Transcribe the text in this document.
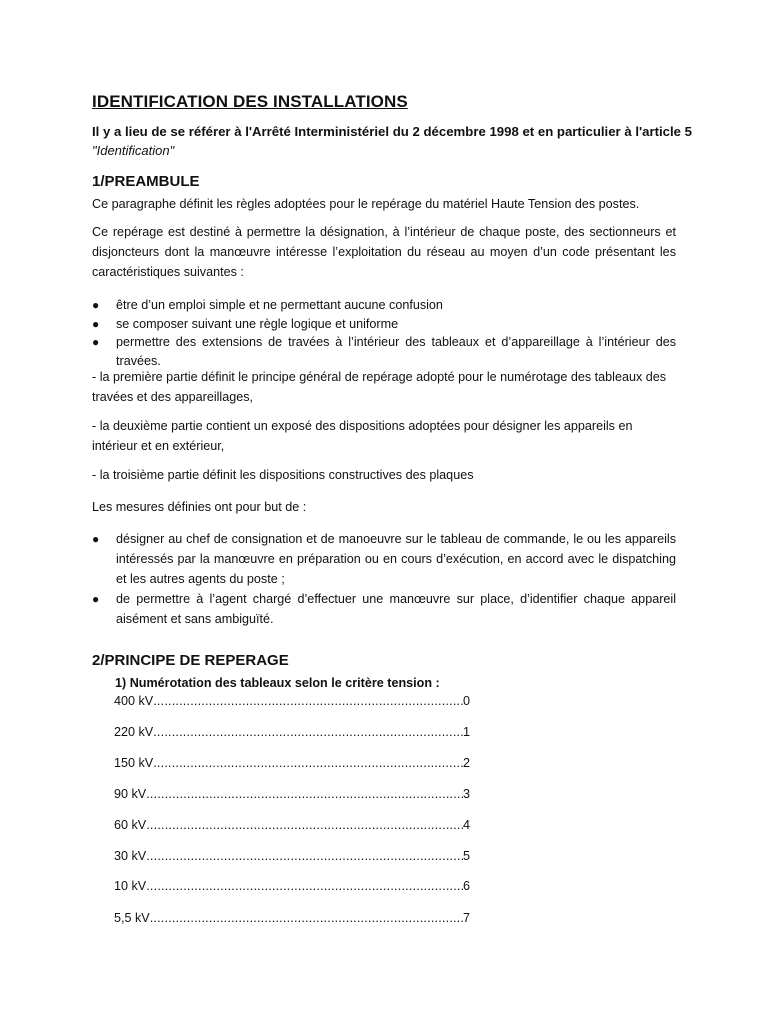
IDENTIFICATION DES INSTALLATIONS
Il y a lieu de se référer à l'Arrêté Interministériel du 2 décembre 1998 et en particulier à l'article 5
"Identification"
1/PREAMBULE
Ce paragraphe définit les règles adoptées pour le repérage du matériel Haute Tension des postes.
Ce repérage est destiné à permettre la désignation, à l’intérieur de chaque poste, des sectionneurs et disjoncteurs dont la manœuvre intéresse l’exploitation du réseau au moyen d’un code présentant les caractéristiques suivantes :
● être d’un emploi simple et ne permettant aucune confusion
● se composer suivant une règle logique et uniforme
● permettre des extensions de travées à l’intérieur des tableaux et d’appareillage à l’intérieur des travées.
- la première partie définit le principe général de repérage adopté pour le numérotage des tableaux des travées et des appareillages,
- la deuxième partie contient un exposé des dispositions adoptées pour désigner les appareils en intérieur et en extérieur,
- la troisième partie définit les dispositions constructives des plaques
Les mesures définies ont pour but de :
● désigner au chef de consignation et de manoeuvre sur le tableau de commande, le ou les appareils intéressés par la manœuvre en préparation ou en cours d’exécution, en accord avec le dispatching et les autres agents du poste ;
● de permettre à l’agent chargé d’effectuer une manœuvre sur place, d’identifier chaque appareil aisément et sans ambiguïté.
2/PRINCIPE DE REPERAGE
1) Numérotation des tableaux selon le critère tension :
400 kV .....	0
220 kV .....	1
150 kV .....	2
90 kV .....	3
60 kV .....	4
30 kV .....	5
10 kV .....	6
5,5 kV .....	7
